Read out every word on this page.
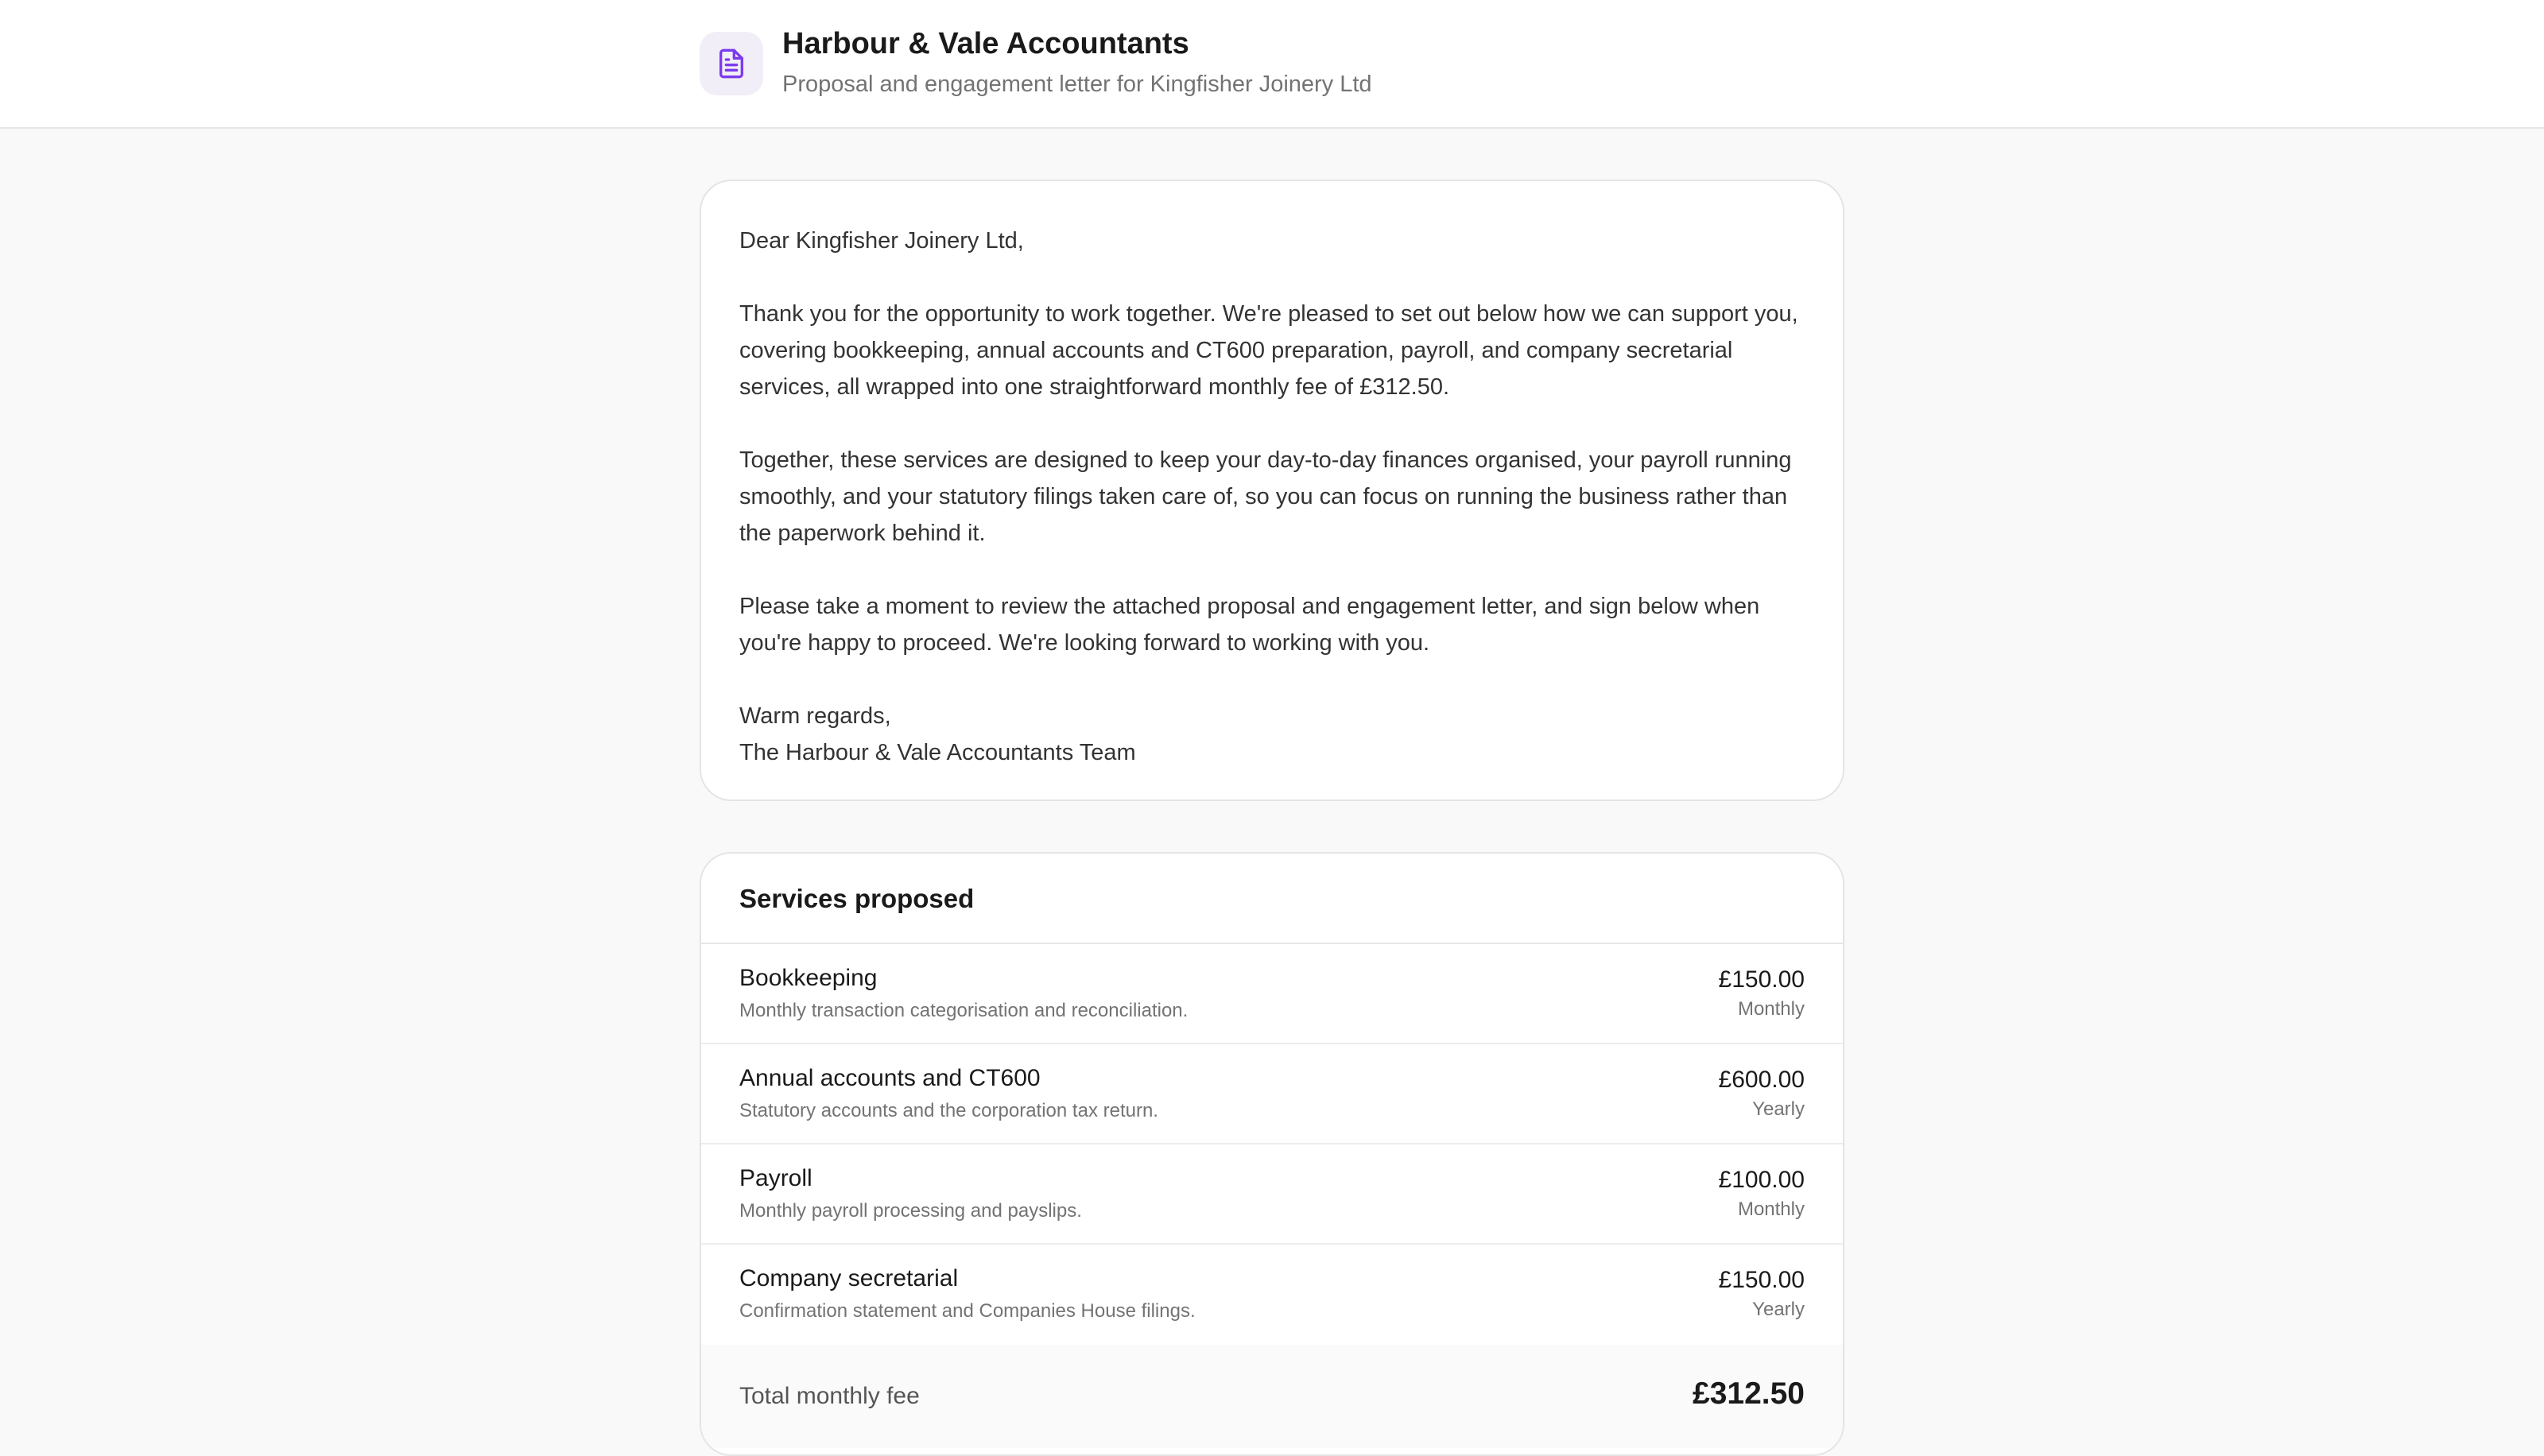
Harbour & Vale Accountants
Proposal and engagement letter for Kingfisher Joinery Ltd

Dear Kingfisher Joinery Ltd,

Thank you for the opportunity to work together. We're pleased to set out below how we can support you, covering bookkeeping, annual accounts and CT600 preparation, payroll, and company secretarial services, all wrapped into one straightforward monthly fee of £312.50.

Together, these services are designed to keep your day-to-day finances organised, your payroll running smoothly, and your statutory filings taken care of, so you can focus on running the business rather than the paperwork behind it.

Please take a moment to review the attached proposal and engagement letter, and sign below when you're happy to proceed. We're looking forward to working with you.

Warm regards,
The Harbour & Vale Accountants Team

Services proposed
Bookkeeping
Monthly transaction categorisation and reconciliation.
£150.00
Monthly
Annual accounts and CT600
Statutory accounts and the corporation tax return.
£600.00
Yearly
Payroll
Monthly payroll processing and payslips.
£100.00
Monthly
Company secretarial
Confirmation statement and Companies House filings.
£150.00
Yearly
Total monthly fee	£312.50
